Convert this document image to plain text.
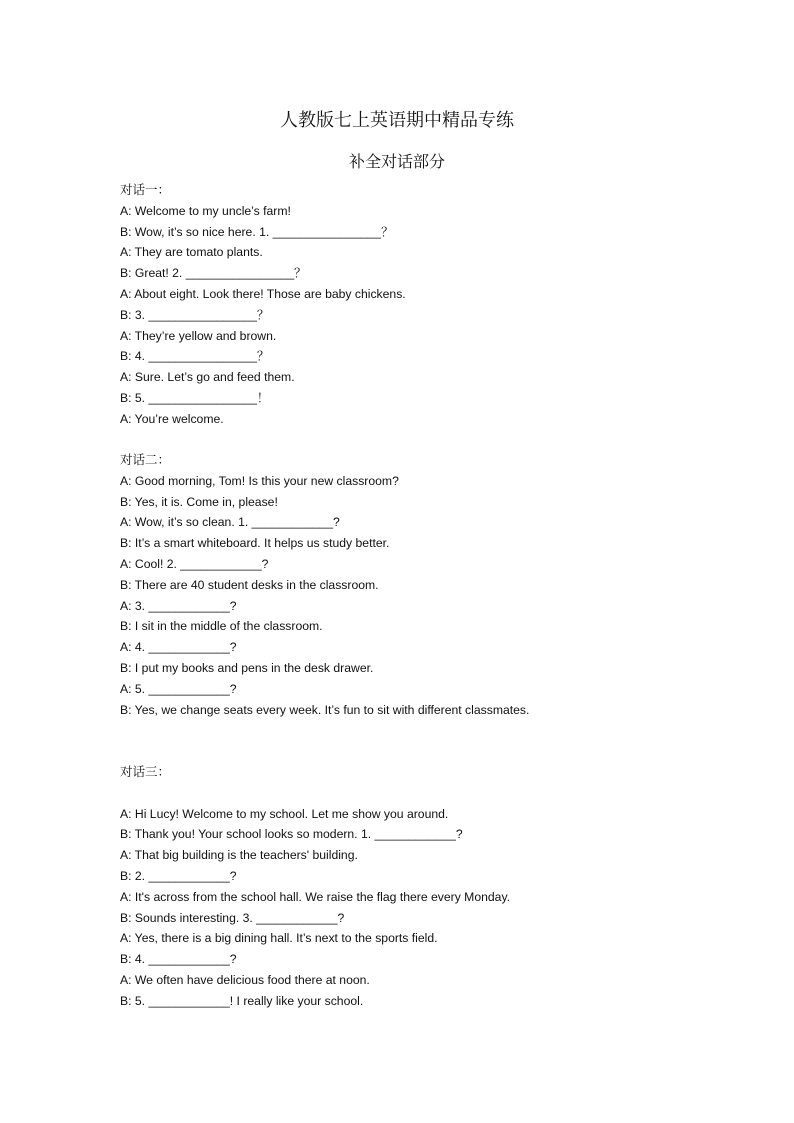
人教版七上英语期中精品专练
补全对话部分
对话一：
A: Welcome to my uncle’s farm!
B: Wow, it’s so nice here. 1. ________________？
A: They are tomato plants.
B: Great! 2. ________________？
A: About eight. Look there! Those are baby chickens.
B: 3. ________________？
A: They’re yellow and brown.
B: 4. ________________？
A: Sure. Let’s go and feed them.
B: 5. ________________！
A: You’re welcome.
对话二：
A: Good morning, Tom! Is this your new classroom?
B: Yes, it is. Come in, please!
A: Wow, it’s so clean. 1. ____________?
B: It’s a smart whiteboard. It helps us study better.
A: Cool! 2. ____________?
B: There are 40 student desks in the classroom.
A: 3. ____________?
B: I sit in the middle of the classroom.
A: 4. ____________?
B: I put my books and pens in the desk drawer.
A: 5. ____________?
B: Yes, we change seats every week. It’s fun to sit with different classmates.
对话三：
A: Hi Lucy! Welcome to my school. Let me show you around.
B: Thank you! Your school looks so modern. 1. ____________?
A: That big building is the teachers' building.
B: 2. ____________?
A: It's across from the school hall. We raise the flag there every Monday.
B: Sounds interesting. 3. ____________?
A: Yes, there is a big dining hall. It’s next to the sports field.
B: 4. ____________?
A: We often have delicious food there at noon.
B: 5. ____________! I really like your school.
